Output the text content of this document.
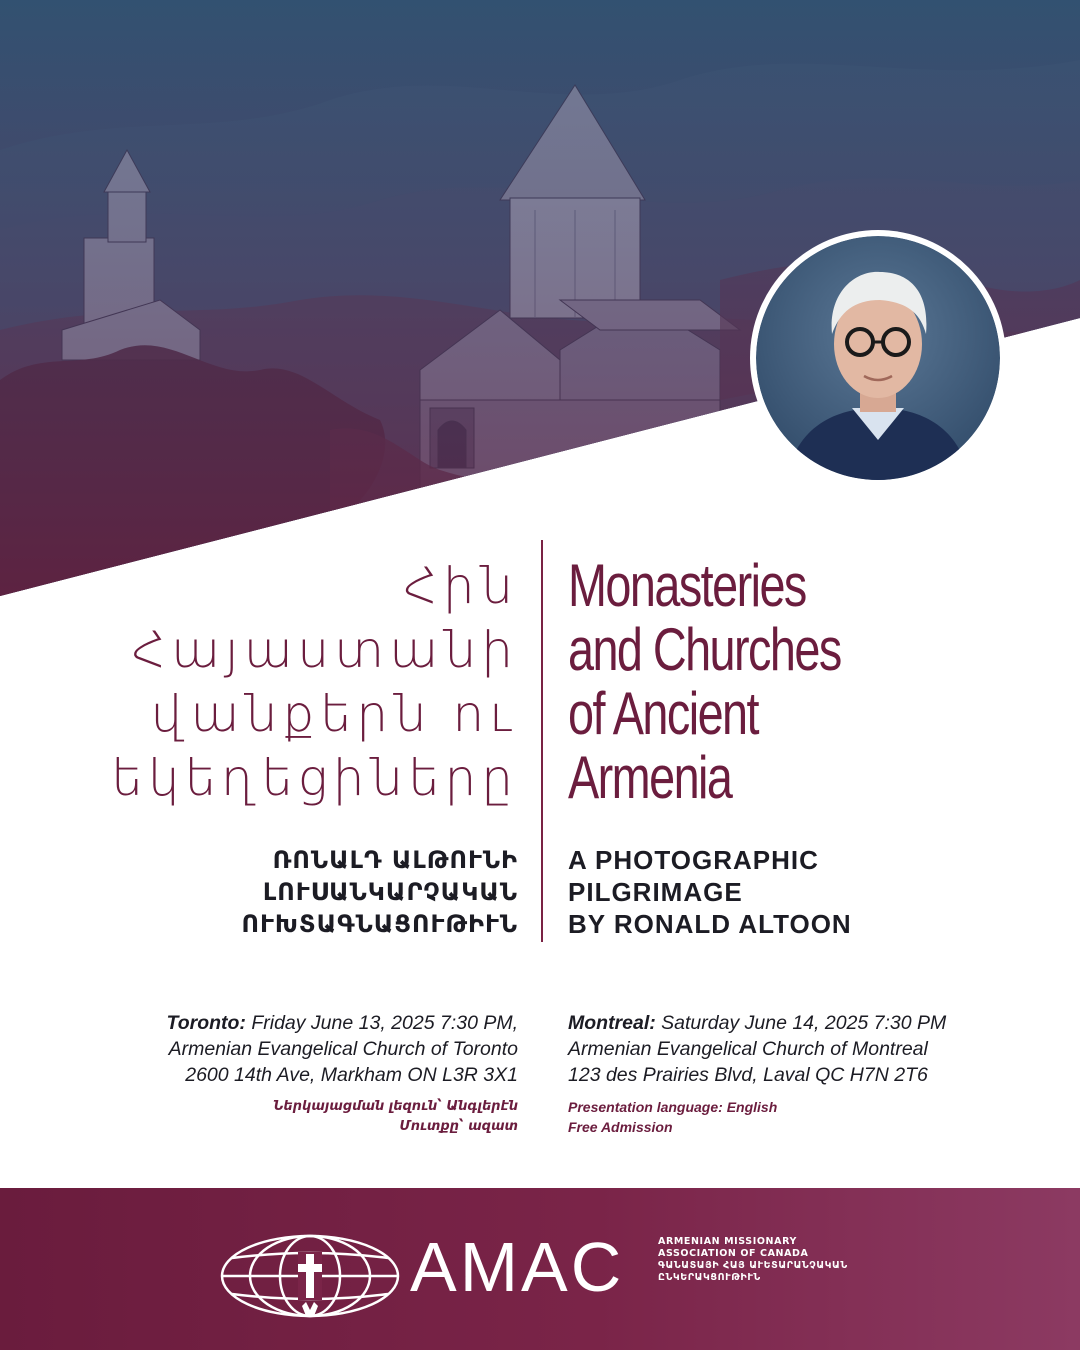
Հին
Հայաստանի
վանքերն ու
եկեղեցիները
Monasteries
and Churches
of Ancient
Armenia
ՌՈՆԱԼԴ ԱԼԹՈՒՆԻ
ԼՈՒՍԱՆԿԱՐՉԱԿԱՆ
ՈՒԽՏԱԳՆԱՑՈՒԹԻՒՆ
A PHOTOGRAPHIC
PILGRIMAGE
BY RONALD ALTOON
Toronto: Friday June 13, 2025 7:30 PM,
Armenian Evangelical Church of Toronto
2600 14th Ave, Markham ON L3R 3X1
Ներկայացման լեզուն՝ Անգլերէն
Մուտքը՝ ազատ
Montreal: Saturday June 14, 2025 7:30 PM
Armenian Evangelical Church of Montreal
123 des Prairies Blvd, Laval QC H7N 2T6
Presentation language: English
Free Admission
AMAC	ARMENIAN MISSIONARY
ASSOCIATION OF CANADA
ԳԱՆԱՏԱՅԻ ՀԱՅ ԱՒԵՏԱՐԱՆՉԱԿԱՆ
ԸՆԿԵՐԱԿՑՈՒԹԻՒՆ
